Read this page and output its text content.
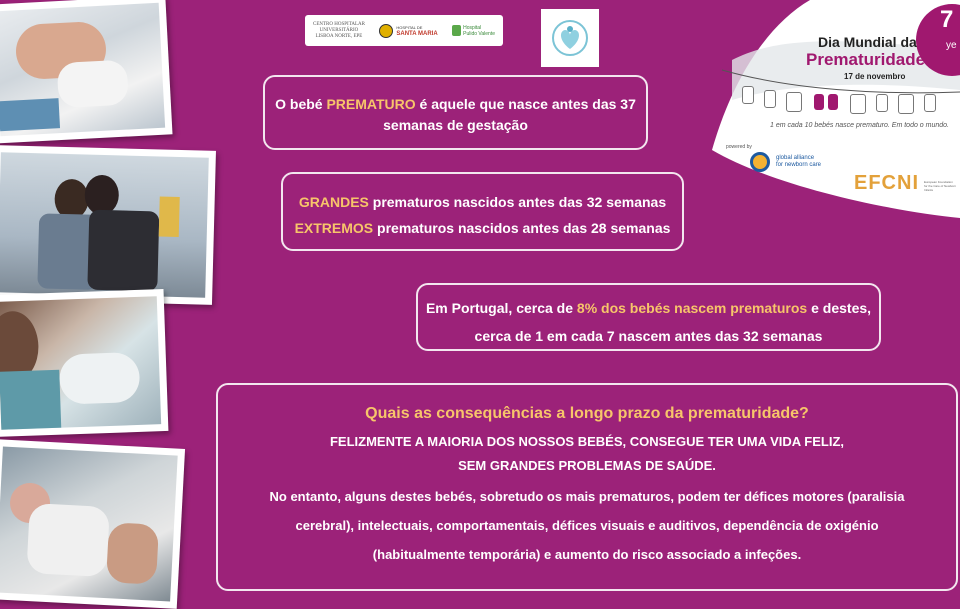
CENTRO HOSPITALAR
UNIVERSITÁRIO
LISBOA NORTE, EPE
HOSPITAL DE
SANTA MARIA
Hospital
Pulido Valente
Dia Mundial da
Prematuridade
17 de novembro
7
ye
1 em cada 10 bebés nasce prematuro. Em todo o mundo.
powered by
global alliance
for newborn care
EFCNI European Foundation
for the Care of Newborn Infants

O bebé PREMATURO é aquele que nasce antes das 37

semanas de gestação

GRANDES prematuros nascidos antes das 32 semanas

EXTREMOS prematuros nascidos antes das 28 semanas

Em Portugal, cerca de 8% dos bebés nascem prematuros e destes,

cerca de 1 em cada 7 nascem antes das 32 semanas

Quais as consequências a longo prazo da prematuridade?

FELIZMENTE A MAIORIA DOS NOSSOS BEBÉS, CONSEGUE TER UMA VIDA FELIZ,

SEM GRANDES PROBLEMAS DE SAÚDE.

No entanto, alguns destes bebés, sobretudo os mais prematuros, podem ter défices motores (paralisia

cerebral), intelectuais, comportamentais, défices visuais e auditivos, dependência de oxigénio

(habitualmente temporária) e aumento do risco associado a infeções.
